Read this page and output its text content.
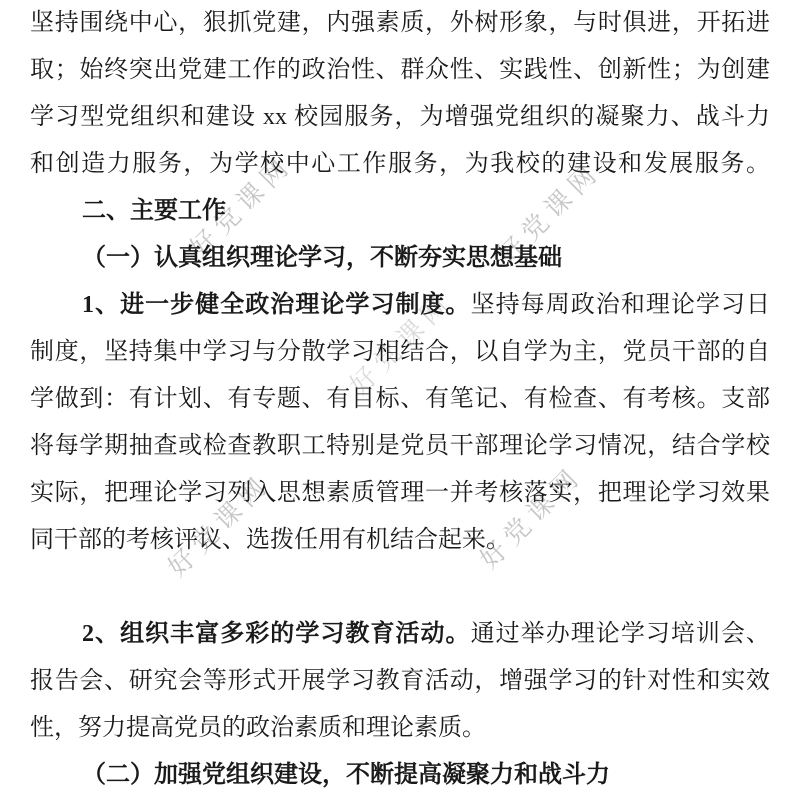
好党课网	好党课网
好党课网
好党课网	好党课网
坚持围绕中心，狠抓党建，内强素质，外树形象，与时俱进，开拓进
取；始终突出党建工作的政治性、群众性、实践性、创新性；为创建
学习型党组织和建设 xx 校园服务，为增强党组织的凝聚力、战斗力
和创造力服务，为学校中心工作服务，为我校的建设和发展服务。
二、主要工作
（一）认真组织理论学习，不断夯实思想基础
1、进一步健全政治理论学习制度。坚持每周政治和理论学习日
制度，坚持集中学习与分散学习相结合，以自学为主，党员干部的自
学做到：有计划、有专题、有目标、有笔记、有检查、有考核。支部
将每学期抽查或检查教职工特别是党员干部理论学习情况，结合学校
实际，把理论学习列入思想素质管理一并考核落实，把理论学习效果
同干部的考核评议、选拨任用有机结合起来。
2、组织丰富多彩的学习教育活动。通过举办理论学习培训会、
报告会、研究会等形式开展学习教育活动，增强学习的针对性和实效
性，努力提高党员的政治素质和理论素质。
（二）加强党组织建设，不断提高凝聚力和战斗力
